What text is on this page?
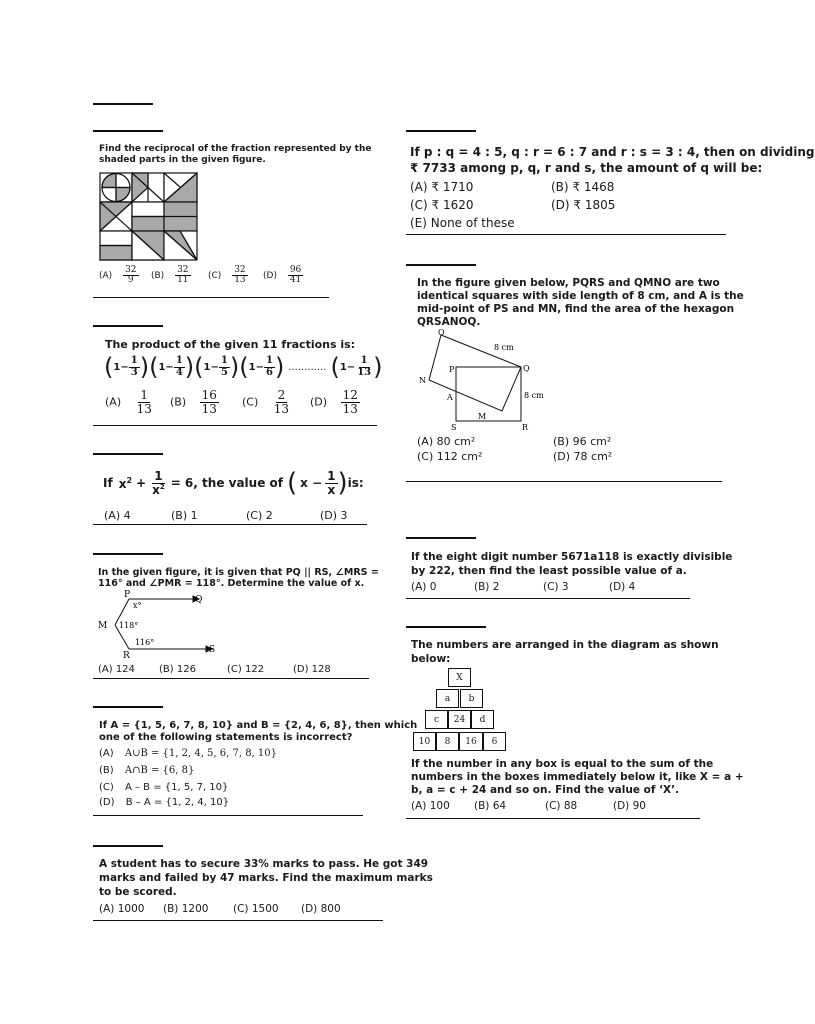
Find the reciprocal of the fraction represented by the
shaded parts in the given figure.
$(A) \frac{32}{9} (B) \frac{32}{11} (C) \frac{32}{13} (D) \frac{96}{41}$
The product of the given 11 fractions is:
( $1 - \frac{1}{3}$ ) ( $1 - \frac{1}{4}$ ) ( $1 - \frac{1}{5}$ ) ( $1 - \frac{1}{6}$ ) ............ ( $1 - \frac{1}{13}$ )
$(A) \frac{1}{13} (B) \frac{16}{13} (C) \frac{2}{13} (D) \frac{12}{13}$
If $x^2 + \frac{1}{x^2} = 6$ , the value of ( $x - \frac{1}{x}$ ) is:
(A) 4	(B) 1	(C) 2	(D) 3
In the given figure, it is given that PQ || RS, ∠MRS =
116° and ∠PMR = 118°. Determine the value of x.
P	Q
M
R
S
x°
118°
116°
(A) 124 (B) 126	(C) 122	(D) 128
If A = {1, 5, 6, 7, 8, 10} and B = {2, 4, 6, 8}, then which
one of the following statements is incorrect?
(A) A∪B = {1, 2, 4, 5, 6, 7, 8, 10}
(B) A∩B = {6, 8}
(C) A – B = {1, 5, 7, 10}
(D) B – A = {1, 2, 4, 10}
A student has to secure 33% marks to pass. He got 349
marks and failed by 47 marks. Find the maximum marks
to be scored.
(A) 1000 (B) 1200 (C) 1500 (D) 800
If p : q = 4 : 5, q : r = 6 : 7 and r : s = 3 : 4, then on dividing
₹ 7733 among p, q, r and s, the amount of q will be:
(A) ₹ 1710	(B) ₹ 1468
(C) ₹ 1620	(D) ₹ 1805
(E) None of these
In the figure given below, PQRS and QMNO are two
identical squares with side length of 8 cm, and A is the
mid-point of PS and MN, find the area of the hexagon
QRSANOQ.
O
Q
P
N
A
M
S	R
8 cm
8 cm
(A) 80 cm²	(B) 96 cm²
(C) 112 cm²	(D) 78 cm²
If the eight digit number 5671a118 is exactly divisible
by 222, then find the least possible value of a.
(A) 0	(B) 2	(C) 3	(D) 4
The numbers are arranged in the diagram as shown
below:
X
a	b
c	24	d
10	8	16	6
If the number in any box is equal to the sum of the
numbers in the boxes immediately below it, like X = a +
b, a = c + 24 and so on. Find the value of ‘X’.
(A) 100 (B) 64	(C) 88	(D) 90
